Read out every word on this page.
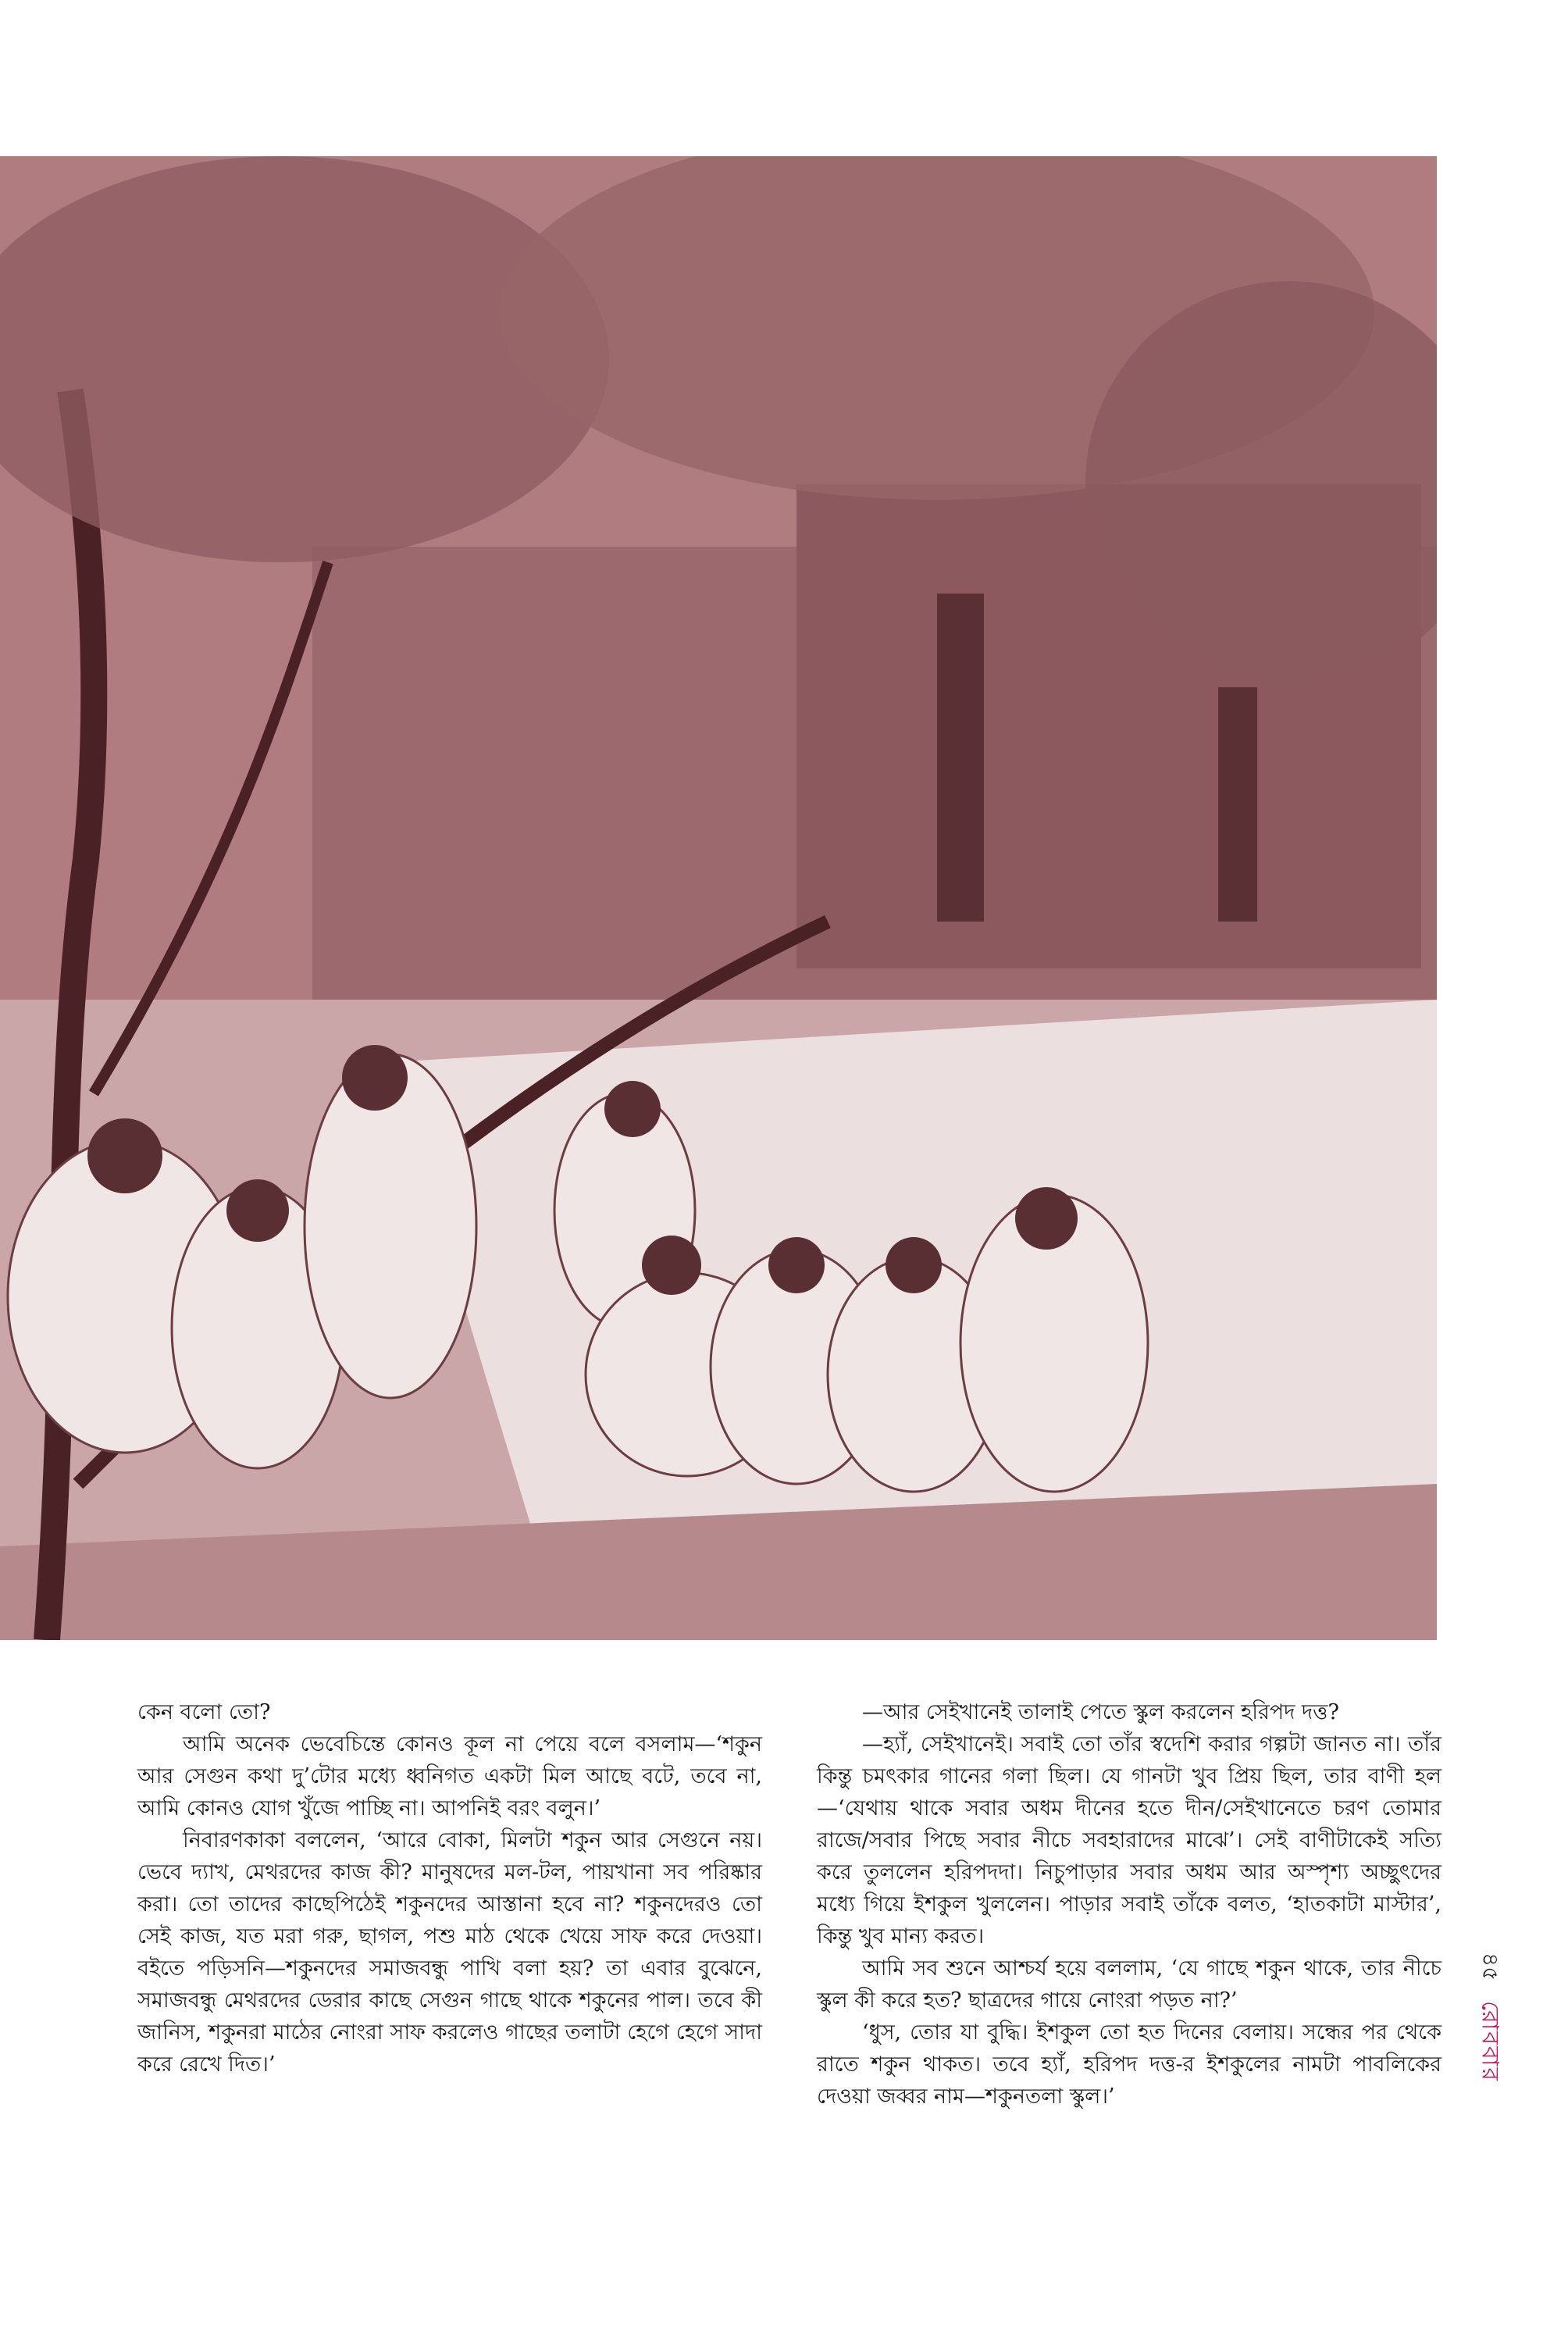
কেন বলো তো?

আমি অনেক ভেবেচিন্তে কোনও কূল না পেয়ে বলে বসলাম—‘শকুন আর সেগুন কথা দু’টোর মধ্যে ধ্বনিগত একটা মিল আছে বটে, তবে না, আমি কোনও যোগ খুঁজে পাচ্ছি না। আপনিই বরং বলুন।’

নিবারণকাকা বললেন, ‘আরে বোকা, মিলটা শকুন আর সেগুনে নয়। ভেবে দ্যাখ, মেথরদের কাজ কী? মানুষদের মল-টল, পায়খানা সব পরিষ্কার করা। তো তাদের কাছেপিঠেই শকুনদের আস্তানা হবে না? শকুনদেরও তো সেই কাজ, যত মরা গরু, ছাগল, পশু মাঠ থেকে খেয়ে সাফ করে দেওয়া। বইতে পড়িসনি—শকুনদের সমাজবন্ধু পাখি বলা হয়? তা এবার বুঝেনে, সমাজবন্ধু মেথরদের ডেরার কাছে সেগুন গাছে থাকে শকুনের পাল। তবে কী জানিস, শকুনরা মাঠের নোংরা সাফ করলেও গাছের তলাটা হেগে হেগে সাদা করে রেখে দিত।’

—আর সেইখানেই তালাই পেতে স্কুল করলেন হরিপদ দত্ত?

—হ্যাঁ, সেইখানেই। সবাই তো তাঁর স্বদেশি করার গল্পটা জানত না। তাঁর কিন্তু চমৎকার গানের গলা ছিল। যে গানটা খুব প্রিয় ছিল, তার বাণী হল—‘যেথায় থাকে সবার অধম দীনের হতে দীন/সেইখানেতে চরণ তোমার রাজে/সবার পিছে সবার নীচে সবহারাদের মাঝে’। সেই বাণীটাকেই সত্যি করে তুললেন হরিপদদা। নিচুপাড়ার সবার অধম আর অস্পৃশ্য অচ্ছুৎদের মধ্যে গিয়ে ইশকুল খুললেন। পাড়ার সবাই তাঁকে বলত, ‘হাতকাটা মাস্টার’, কিন্তু খুব মান্য করত।

আমি সব শুনে আশ্চর্য হয়ে বললাম, ‘যে গাছে শকুন থাকে, তার নীচে স্কুল কী করে হত? ছাত্রদের গায়ে নোংরা পড়ত না?’

‘ধুস, তোর যা বুদ্ধি। ইশকুল তো হত দিনের বেলায়। সন্ধের পর থেকে রাতে শকুন থাকত। তবে হ্যাঁ, হরিপদ দত্ত-র ইশকুলের নামটা পাবলিকের দেওয়া জব্বর নাম—শকুনতলা স্কুল।’

৪৫
রোববার
